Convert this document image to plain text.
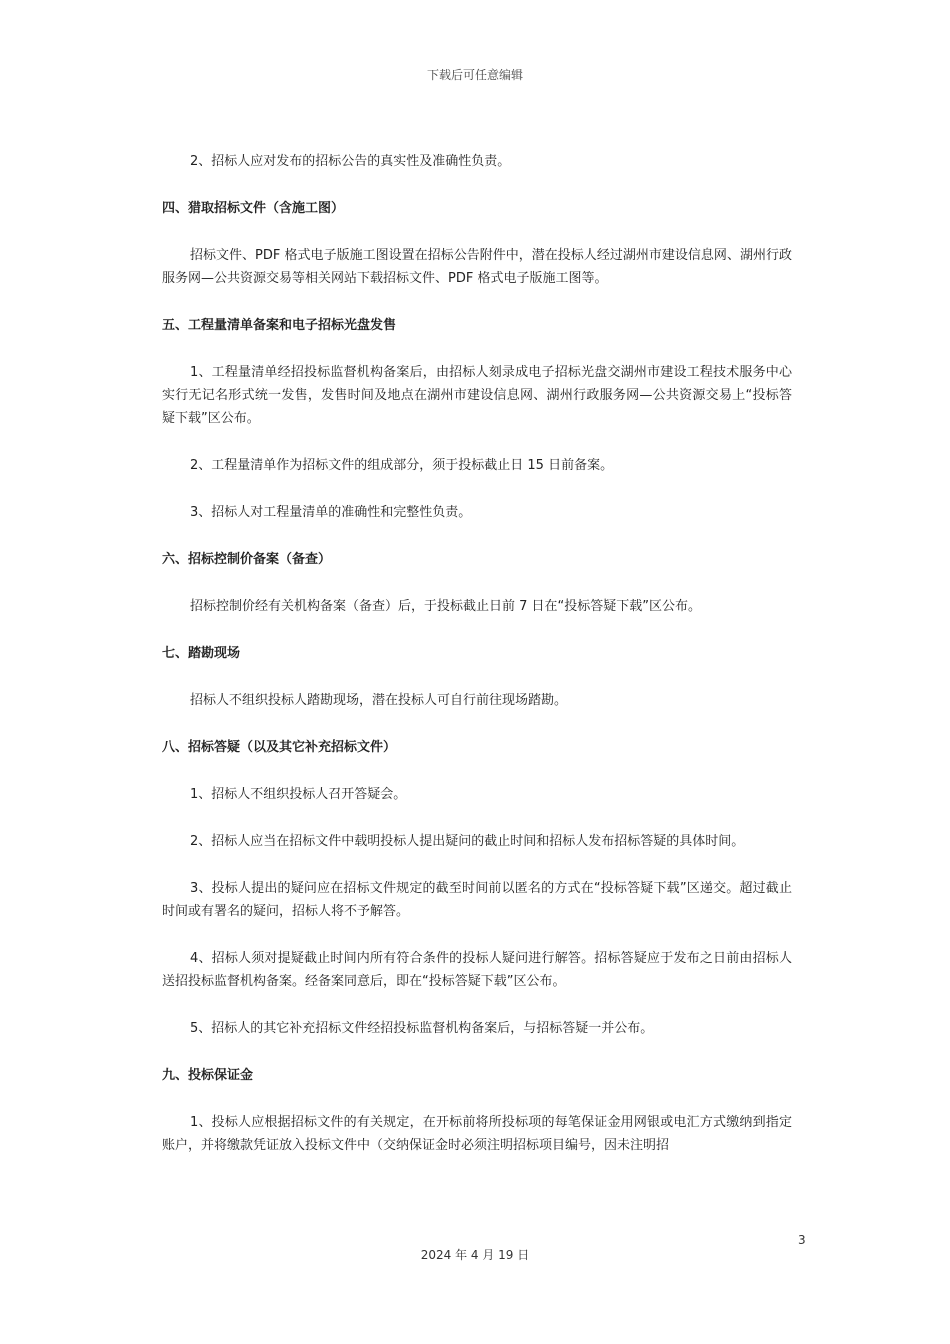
下载后可任意编辑

2、招标人应对发布的招标公告的真实性及准确性负责。

四、猎取招标文件（含施工图）

招标文件、PDF 格式电子版施工图设置在招标公告附件中，潜在投标人经过湖州市建设信息网、湖州行政服务网—公共资源交易等相关网站下载招标文件、PDF 格式电子版施工图等。

五、工程量清单备案和电子招标光盘发售

1、工程量清单经招投标监督机构备案后，由招标人刻录成电子招标光盘交湖州市建设工程技术服务中心实行无记名形式统一发售，发售时间及地点在湖州市建设信息网、湖州行政服务网—公共资源交易上“投标答疑下载”区公布。

2、工程量清单作为招标文件的组成部分，须于投标截止日 15 日前备案。

3、招标人对工程量清单的准确性和完整性负责。

六、招标控制价备案（备查）

招标控制价经有关机构备案（备查）后，于投标截止日前 7 日在“投标答疑下载”区公布。

七、踏勘现场

招标人不组织投标人踏勘现场，潜在投标人可自行前往现场踏勘。

八、招标答疑（以及其它补充招标文件）

1、招标人不组织投标人召开答疑会。

2、招标人应当在招标文件中载明投标人提出疑问的截止时间和招标人发布招标答疑的具体时间。

3、投标人提出的疑问应在招标文件规定的截至时间前以匿名的方式在“投标答疑下载”区递交。超过截止时间或有署名的疑问，招标人将不予解答。

4、招标人须对提疑截止时间内所有符合条件的投标人疑问进行解答。招标答疑应于发布之日前由招标人送招投标监督机构备案。经备案同意后，即在“投标答疑下载”区公布。

5、招标人的其它补充招标文件经招投标监督机构备案后，与招标答疑一并公布。

九、投标保证金

1、投标人应根据招标文件的有关规定，在开标前将所投标项的每笔保证金用网银或电汇方式缴纳到指定账户，并将缴款凭证放入投标文件中（交纳保证金时必须注明招标项目编号，因未注明招

3
2024 年 4 月 19 日
